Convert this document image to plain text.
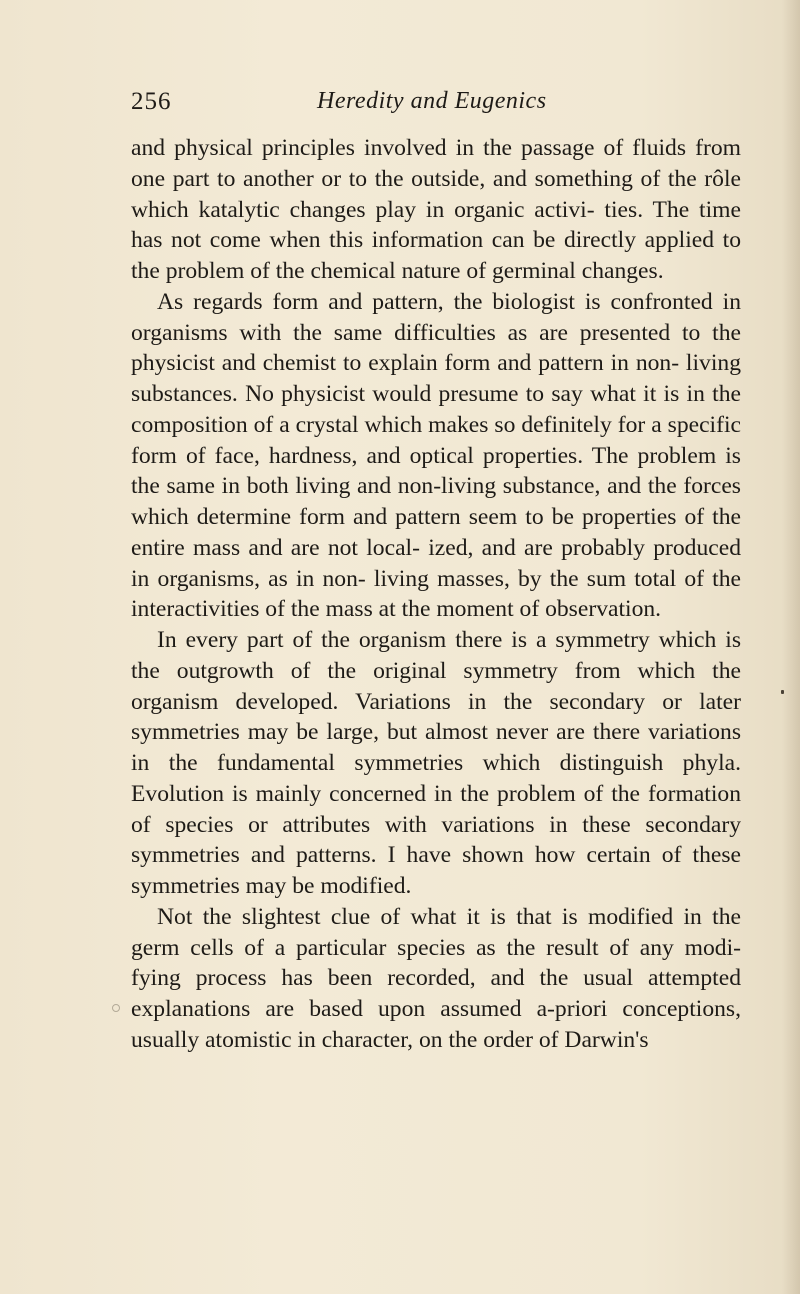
256	Heredity and Eugenics

and physical principles involved in the passage of fluids from one part to another or to the outside, and something of the rôle which katalytic changes play in organic activi- ties. The time has not come when this information can be directly applied to the problem of the chemical nature of germinal changes.

As regards form and pattern, the biologist is confronted in organisms with the same difficulties as are presented to the physicist and chemist to explain form and pattern in non- living substances. No physicist would presume to say what it is in the composition of a crystal which makes so definitely for a specific form of face, hardness, and optical properties. The problem is the same in both living and non-living substance, and the forces which determine form and pattern seem to be properties of the entire mass and are not local- ized, and are probably produced in organisms, as in non- living masses, by the sum total of the interactivities of the mass at the moment of observation.

In every part of the organism there is a symmetry which is the outgrowth of the original symmetry from which the organism developed. Variations in the secondary or later symmetries may be large, but almost never are there variations in the fundamental symmetries which distinguish phyla. Evolution is mainly concerned in the problem of the formation of species or attributes with variations in these secondary symmetries and patterns. I have shown how certain of these symmetries may be modified.

Not the slightest clue of what it is that is modified in the germ cells of a particular species as the result of any modi- fying process has been recorded, and the usual attempted explanations are based upon assumed a-priori conceptions, usually atomistic in character, on the order of Darwin's
